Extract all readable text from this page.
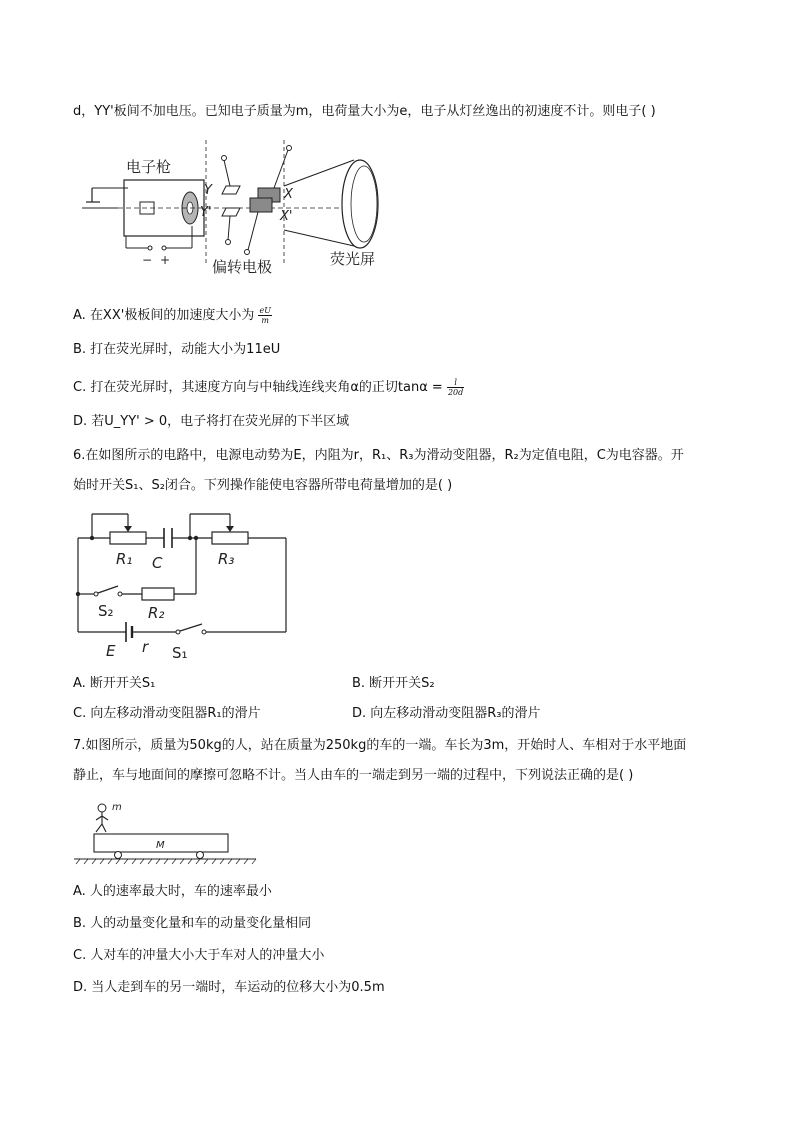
d，YY'板间不加电压。已知电子质量为m，电荷量大小为e，电子从灯丝逸出的初速度不计。则电子( )
电子枪
− +
Y
Y'
X
X'
偏转电极	荧光屏
A. 在XX'极板间的加速度大小为 $\frac{eU}{m}$
B. 打在荧光屏时，动能大小为11eU
C. 打在荧光屏时，其速度方向与中轴线连线夹角α的正切$\tan\alpha = \frac{l}{20d}$
D. 若U_YY' > 0，电子将打在荧光屏的下半区域
6.在如图所示的电路中，电源电动势为E，内阻为r，R₁、R₃为滑动变阻器，R₂为定值电阻，C为电容器。开
始时开关S₁、S₂闭合。下列操作能使电容器所带电荷量增加的是( )
R₁ C	R₃
S₂ R₂
E r S₁
A. 断开开关S₁	B. 断开开关S₂
C. 向左移动滑动变阻器R₁的滑片	D. 向左移动滑动变阻器R₃的滑片
7.如图所示，质量为50kg的人，站在质量为250kg的车的一端。车长为3m，开始时人、车相对于水平地面
静止，车与地面间的摩擦可忽略不计。当人由车的一端走到另一端的过程中，下列说法正确的是( )
m
M
A. 人的速率最大时，车的速率最小
B. 人的动量变化量和车的动量变化量相同
C. 人对车的冲量大小大于车对人的冲量大小
D. 当人走到车的另一端时，车运动的位移大小为0.5m
